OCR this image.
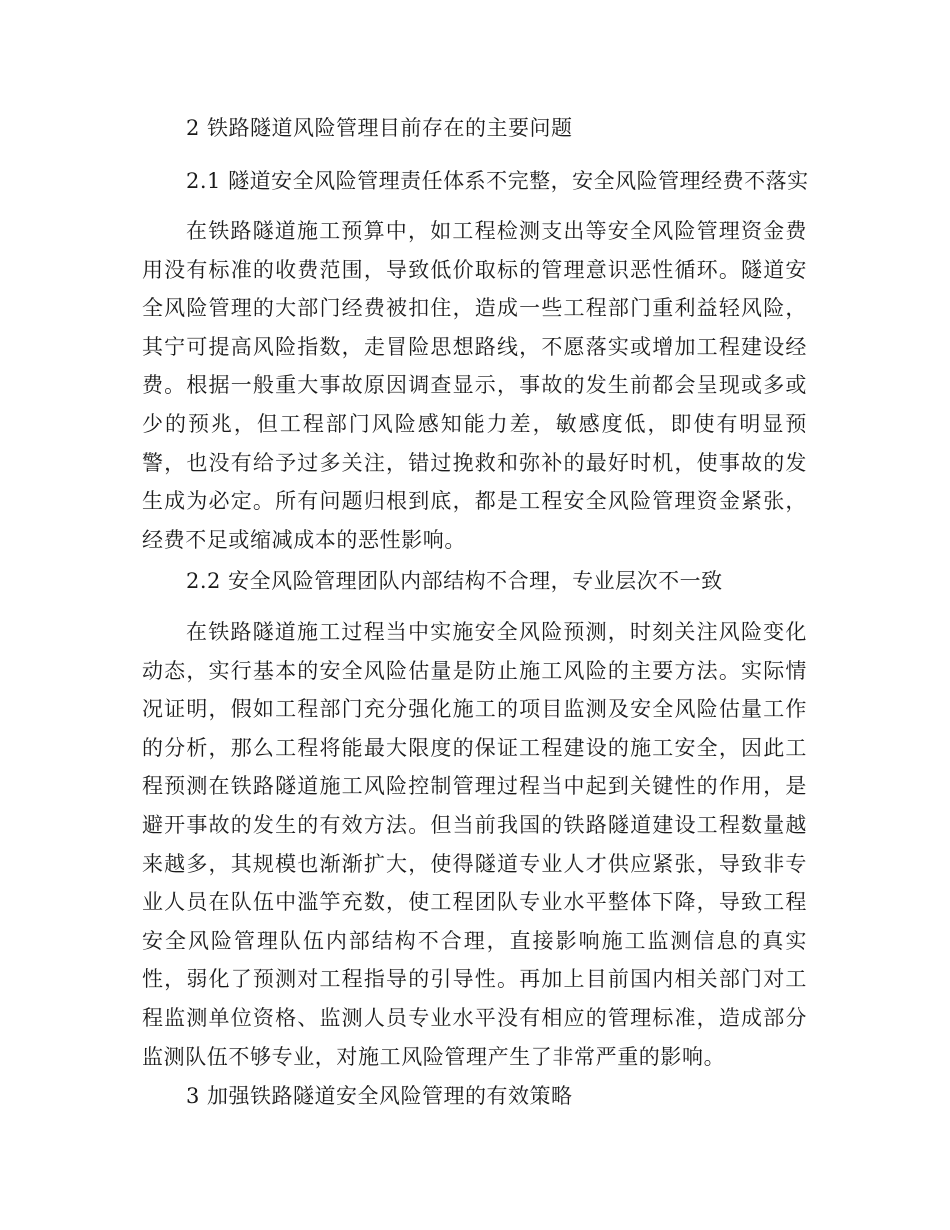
2 铁路隧道风险管理目前存在的主要问题
2.1 隧道安全风险管理责任体系不完整，安全风险管理经费不落实

在铁路隧道施工预算中，如工程检测支出等安全风险管理资金费用没有标准的收费范围，导致低价取标的管理意识恶性循环。隧道安全风险管理的大部门经费被扣住，造成一些工程部门重利益轻风险，其宁可提高风险指数，走冒险思想路线，不愿落实或增加工程建设经费。根据一般重大事故原因调查显示，事故的发生前都会呈现或多或少的预兆，但工程部门风险感知能力差，敏感度低，即使有明显预警，也没有给予过多关注，错过挽救和弥补的最好时机，使事故的发生成为必定。所有问题归根到底，都是工程安全风险管理资金紧张，经费不足或缩减成本的恶性影响。

2.2 安全风险管理团队内部结构不合理，专业层次不一致

在铁路隧道施工过程当中实施安全风险预测，时刻关注风险变化动态，实行基本的安全风险估量是防止施工风险的主要方法。实际情况证明，假如工程部门充分强化施工的项目监测及安全风险估量工作的分析，那么工程将能最大限度的保证工程建设的施工安全，因此工程预测在铁路隧道施工风险控制管理过程当中起到关键性的作用，是避开事故的发生的有效方法。但当前我国的铁路隧道建设工程数量越来越多，其规模也渐渐扩大，使得隧道专业人才供应紧张，导致非专业人员在队伍中滥竽充数，使工程团队专业水平整体下降，导致工程安全风险管理队伍内部结构不合理，直接影响施工监测信息的真实性，弱化了预测对工程指导的引导性。再加上目前国内相关部门对工程监测单位资格、监测人员专业水平没有相应的管理标准，造成部分监测队伍不够专业，对施工风险管理产生了非常严重的影响。

3 加强铁路隧道安全风险管理的有效策略
